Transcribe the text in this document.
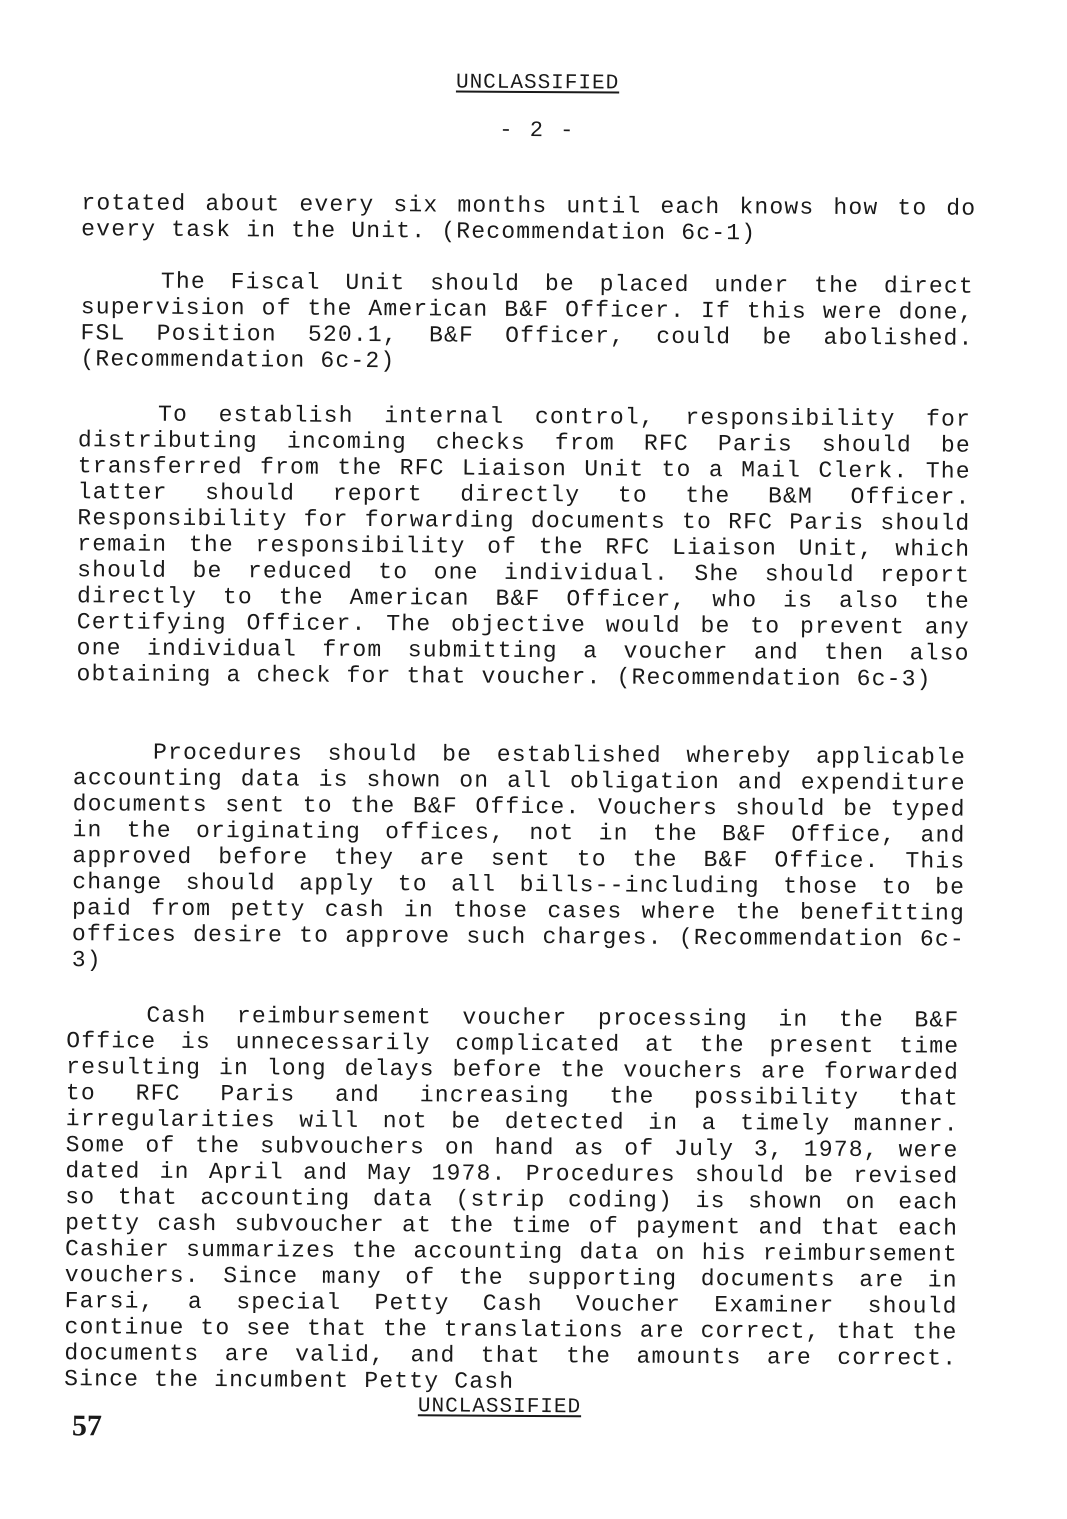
UNCLASSIFIED
- 2 -

rotated about every six months until each knows how to do every task in the Unit. (Recommendation 6c-1)

The Fiscal Unit should be placed under the direct supervision of the American B&F Officer. If this were done, FSL Position 520.1, B&F Officer, could be abolished. (Recommendation 6c-2)

To establish internal control, responsibility for distributing incoming checks from RFC Paris should be transferred from the RFC Liaison Unit to a Mail Clerk. The latter should report directly to the B&M Officer. Responsibility for forwarding documents to RFC Paris should remain the responsibility of the RFC Liaison Unit, which should be reduced to one individual. She should report directly to the American B&F Officer, who is also the Certifying Officer. The objective would be to prevent any one individual from submitting a voucher and then also obtaining a check for that voucher. (Recommendation 6c-3)

Procedures should be established whereby applicable accounting data is shown on all obligation and expenditure documents sent to the B&F Office. Vouchers should be typed in the originating offices, not in the B&F Office, and approved before they are sent to the B&F Office. This change should apply to all bills--including those to be paid from petty cash in those cases where the benefitting offices desire to approve such charges. (Recommendation 6c-3)

Cash reimbursement voucher processing in the B&F Office is unnecessarily complicated at the present time resulting in long delays before the vouchers are forwarded to RFC Paris and increasing the possibility that irregularities will not be detected in a timely manner. Some of the subvouchers on hand as of July 3, 1978, were dated in April and May 1978. Procedures should be revised so that accounting data (strip coding) is shown on each petty cash subvoucher at the time of payment and that each Cashier summarizes the accounting data on his reimbursement vouchers. Since many of the supporting documents are in Farsi, a special Petty Cash Voucher Examiner should continue to see that the translations are correct, that the documents are valid, and that the amounts are correct. Since the incumbent Petty Cash

UNCLASSIFIED
57
